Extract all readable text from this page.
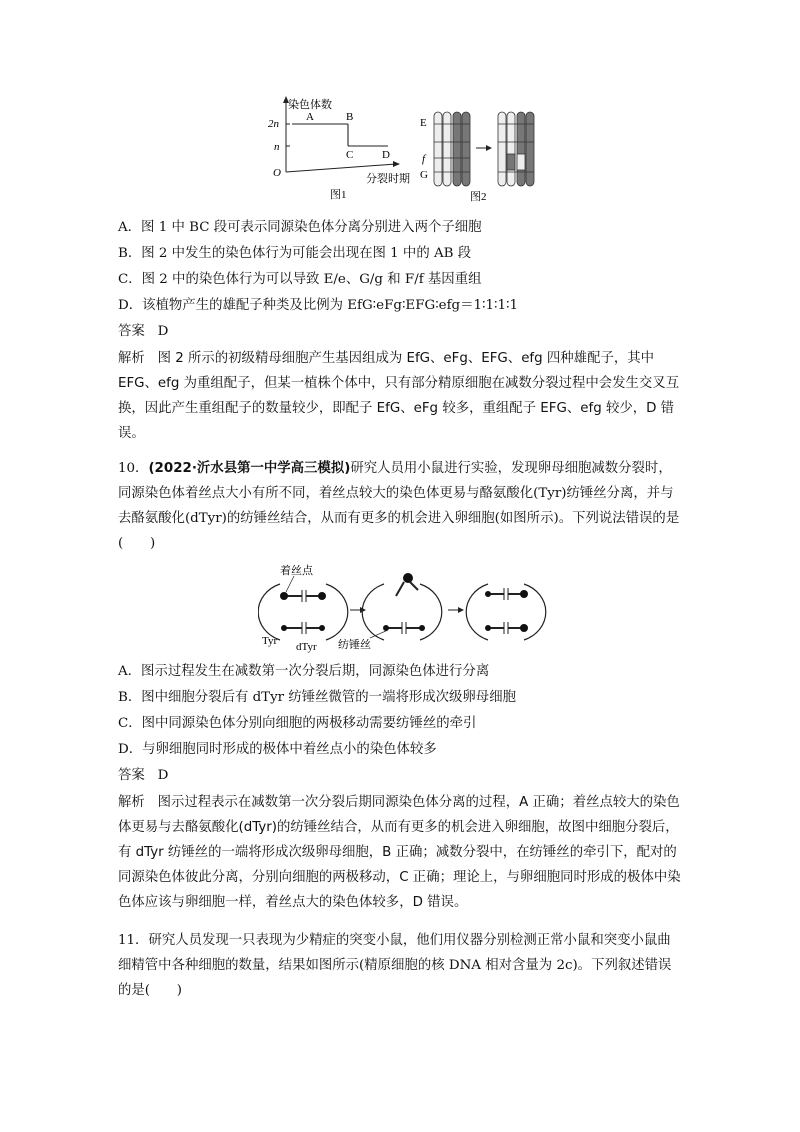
染色体数
2n
n
O
A	B
C	D
分裂时期
图1
E
f
G
图2
A．图 1 中 BC 段可表示同源染色体分离分别进入两个子细胞
B．图 2 中发生的染色体行为可能会出现在图 1 中的 AB 段
C．图 2 中的染色体行为可以导致 E/e、G/g 和 F/f 基因重组
D．该植物产生的雄配子种类及比例为 EfG∶eFg∶EFG∶efg＝1∶1∶1∶1
答案 D
解析 图 2 所示的初级精母细胞产生基因组成为 EfG、eFg、EFG、efg 四种雄配子，其中 EFG、efg 为重组配子，但某一植株个体中，只有部分精原细胞在减数分裂过程中会发生交叉互换，因此产生重组配子的数量较少，即配子 EfG、eFg 较多，重组配子 EFG、efg 较少，D 错误。
10．(2022·沂水县第一中学高三模拟)研究人员用小鼠进行实验，发现卵母细胞减数分裂时，同源染色体着丝点大小有所不同，着丝点较大的染色体更易与酪氨酸化(Tyr)纺锤丝分离，并与去酪氨酸化(dTyr)的纺锤丝结合，从而有更多的机会进入卵细胞(如图所示)。下列说法错误的是(　　)
着丝点
Tyr dTyr 纺锤丝
A．图示过程发生在减数第一次分裂后期，同源染色体进行分离
B．图中细胞分裂后有 dTyr 纺锤丝微管的一端将形成次级卵母细胞
C．图中同源染色体分别向细胞的两极移动需要纺锤丝的牵引
D．与卵细胞同时形成的极体中着丝点小的染色体较多
答案 D
解析 图示过程表示在减数第一次分裂后期同源染色体分离的过程，A 正确；着丝点较大的染色体更易与去酪氨酸化(dTyr)的纺锤丝结合，从而有更多的机会进入卵细胞，故图中细胞分裂后，有 dTyr 纺锤丝的一端将形成次级卵母细胞，B 正确；减数分裂中，在纺锤丝的牵引下，配对的同源染色体彼此分离，分别向细胞的两极移动，C 正确；理论上，与卵细胞同时形成的极体中染色体应该与卵细胞一样，着丝点大的染色体较多，D 错误。
11．研究人员发现一只表现为少精症的突变小鼠，他们用仪器分别检测正常小鼠和突变小鼠曲细精管中各种细胞的数量，结果如图所示(精原细胞的核 DNA 相对含量为 2c)。下列叙述错误的是(　　)
